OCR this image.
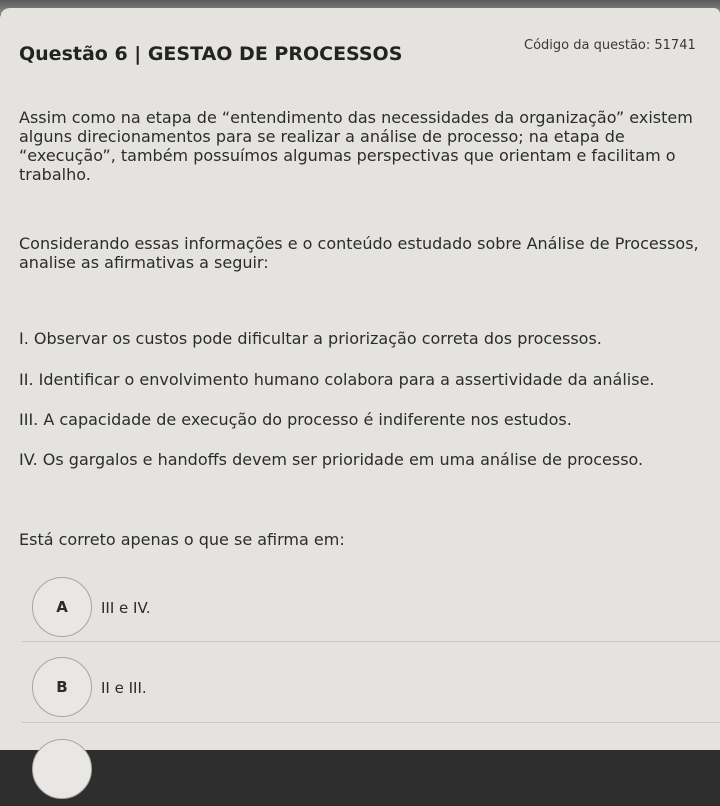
Questão 6 | GESTAO DE PROCESSOS	Código da questão: 51741
Assim como na etapa de “entendimento das necessidades da organização” existem alguns direcionamentos para se realizar a análise de processo; na etapa de “execução”, também possuímos algumas perspectivas que orientam e facilitam o trabalho.
Considerando essas informações e o conteúdo estudado sobre Análise de Processos, analise as afirmativas a seguir:
I. Observar os custos pode dificultar a priorização correta dos processos.
II. Identificar o envolvimento humano colabora para a assertividade da análise.
III. A capacidade de execução do processo é indiferente nos estudos.
IV. Os gargalos e handoffs devem ser prioridade em uma análise de processo.
Está correto apenas o que se afirma em:
A	III e IV.
B	II e III.
